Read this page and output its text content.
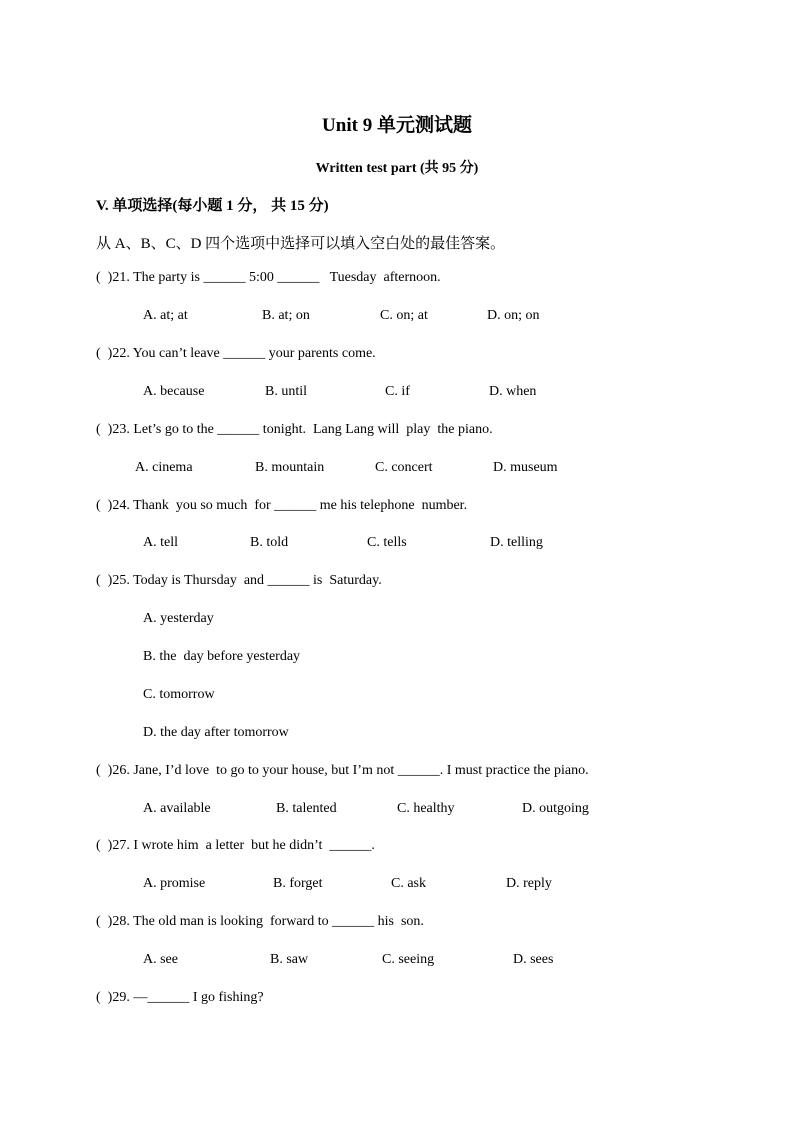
Unit 9 单元测试题
Written test part (共 95 分)
V. 单项选择(每小题 1 分， 共 15 分)
从 A、B、C、D 四个选项中选择可以填入空白处的最佳答案。
(  )21. The party is ______ 5:00 ______   Tuesday  afternoon.
A. at; at	B. at; on	C. on; at	D. on; on
(  )22. You can’t leave ______ your parents come.
A. because	B. until	C. if	D. when
(  )23. Let’s go to the ______ tonight.  Lang Lang will  play  the piano.
A. cinema	B. mountain	C. concert	D. museum
(  )24. Thank  you so much  for ______ me his telephone  number.
A. tell	B. told	C. tells	D. telling
(  )25. Today is Thursday  and ______ is  Saturday.
A. yesterday
B. the  day before yesterday
C. tomorrow
D. the day after tomorrow
(  )26. Jane, I’d love  to go to your house, but I’m not ______. I must practice the piano.
A. available	B. talented	C. healthy	D. outgoing
(  )27. I wrote him  a letter  but he didn’t  ______.
A. promise	B. forget	C. ask	D. reply
(  )28. The old man is looking  forward to ______ his  son.
A. see	B. saw	C. seeing	D. sees
(  )29. —______ I go fishing?
